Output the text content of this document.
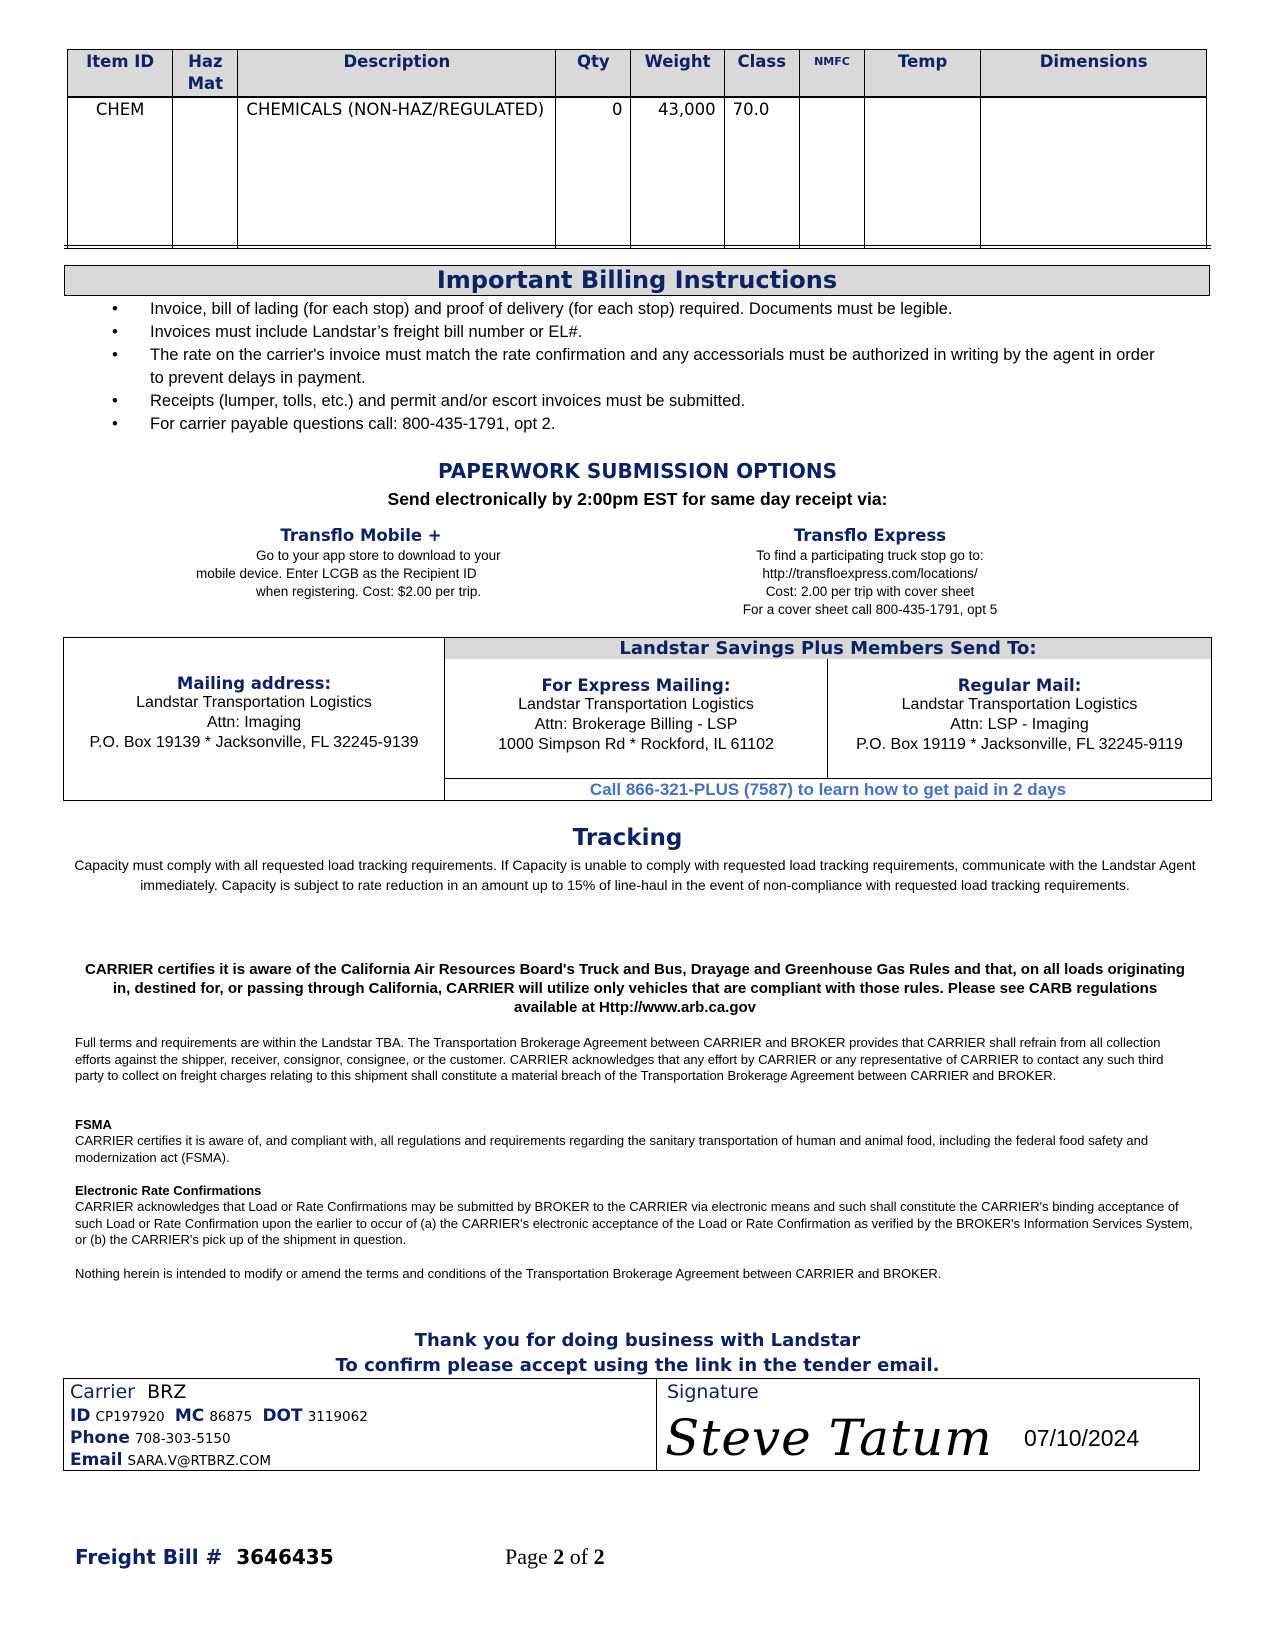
Item ID	Haz Mat	Description	Qty	Weight	Class	NMFC	Temp	Dimensions
CHEM		CHEMICALS (NON-HAZ/REGULATED)	0	43,000	70.0			
Important Billing Instructions
• Invoice, bill of lading (for each stop) and proof of delivery (for each stop) required. Documents must be legible.
• Invoices must include Landstar’s freight bill number or EL#.
• The rate on the carrier's invoice must match the rate confirmation and any accessorials must be authorized in writing by the agent in order to prevent delays in payment.
• Receipts (lumper, tolls, etc.) and permit and/or escort invoices must be submitted.
• For carrier payable questions call: 800-435-1791, opt 2.
PAPERWORK SUBMISSION OPTIONS
Send electronically by 2:00pm EST for same day receipt via:
Transflo Mobile +
Go to your app store to download to your
mobile device. Enter LCGB as the Recipient ID
when registering. Cost: $2.00 per trip.
Transflo Express
To find a participating truck stop go to:
http://transfloexpress.com/locations/
Cost: 2.00 per trip with cover sheet
For a cover sheet call 800-435-1791, opt 5
Mailing address:
Landstar Transportation Logistics
Attn: Imaging
P.O. Box 19139 * Jacksonville, FL 32245-9139
Landstar Savings Plus Members Send To:
For Express Mailing:
Landstar Transportation Logistics
Attn: Brokerage Billing - LSP
1000 Simpson Rd * Rockford, IL 61102
Regular Mail:
Landstar Transportation Logistics
Attn: LSP - Imaging
P.O. Box 19119 * Jacksonville, FL 32245-9119
Call 866-321-PLUS (7587) to learn how to get paid in 2 days
Tracking
Capacity must comply with all requested load tracking requirements. If Capacity is unable to comply with requested load tracking requirements, communicate with the Landstar Agent immediately. Capacity is subject to rate reduction in an amount up to 15% of line-haul in the event of non-compliance with requested load tracking requirements.
CARRIER certifies it is aware of the California Air Resources Board's Truck and Bus, Drayage and Greenhouse Gas Rules and that, on all loads originating in, destined for, or passing through California, CARRIER will utilize only vehicles that are compliant with those rules. Please see CARB regulations available at Http://www.arb.ca.gov
Full terms and requirements are within the Landstar TBA. The Transportation Brokerage Agreement between CARRIER and BROKER provides that CARRIER shall refrain from all collection efforts against the shipper, receiver, consignor, consignee, or the customer. CARRIER acknowledges that any effort by CARRIER or any representative of CARRIER to contact any such third party to collect on freight charges relating to this shipment shall constitute a material breach of the Transportation Brokerage Agreement between CARRIER and BROKER.
FSMA
CARRIER certifies it is aware of, and compliant with, all regulations and requirements regarding the sanitary transportation of human and animal food, including the federal food safety and modernization act (FSMA).
Electronic Rate Confirmations
CARRIER acknowledges that Load or Rate Confirmations may be submitted by BROKER to the CARRIER via electronic means and such shall constitute the CARRIER's binding acceptance of such Load or Rate Confirmation upon the earlier to occur of (a) the CARRIER's electronic acceptance of the Load or Rate Confirmation as verified by the BROKER's Information Services System, or (b) the CARRIER's pick up of the shipment in question.
Nothing herein is intended to modify or amend the terms and conditions of the Transportation Brokerage Agreement between CARRIER and BROKER.
Thank you for doing business with Landstar
To confirm please accept using the link in the tender email.
Carrier BRZ
ID CP197920 MC 86875 DOT 3119062
Phone 708-303-5150
Email SARA.V@RTBRZ.COM
Signature
Steve Tatum 07/10/2024
Freight Bill # 3646435	Page 2 of 2
